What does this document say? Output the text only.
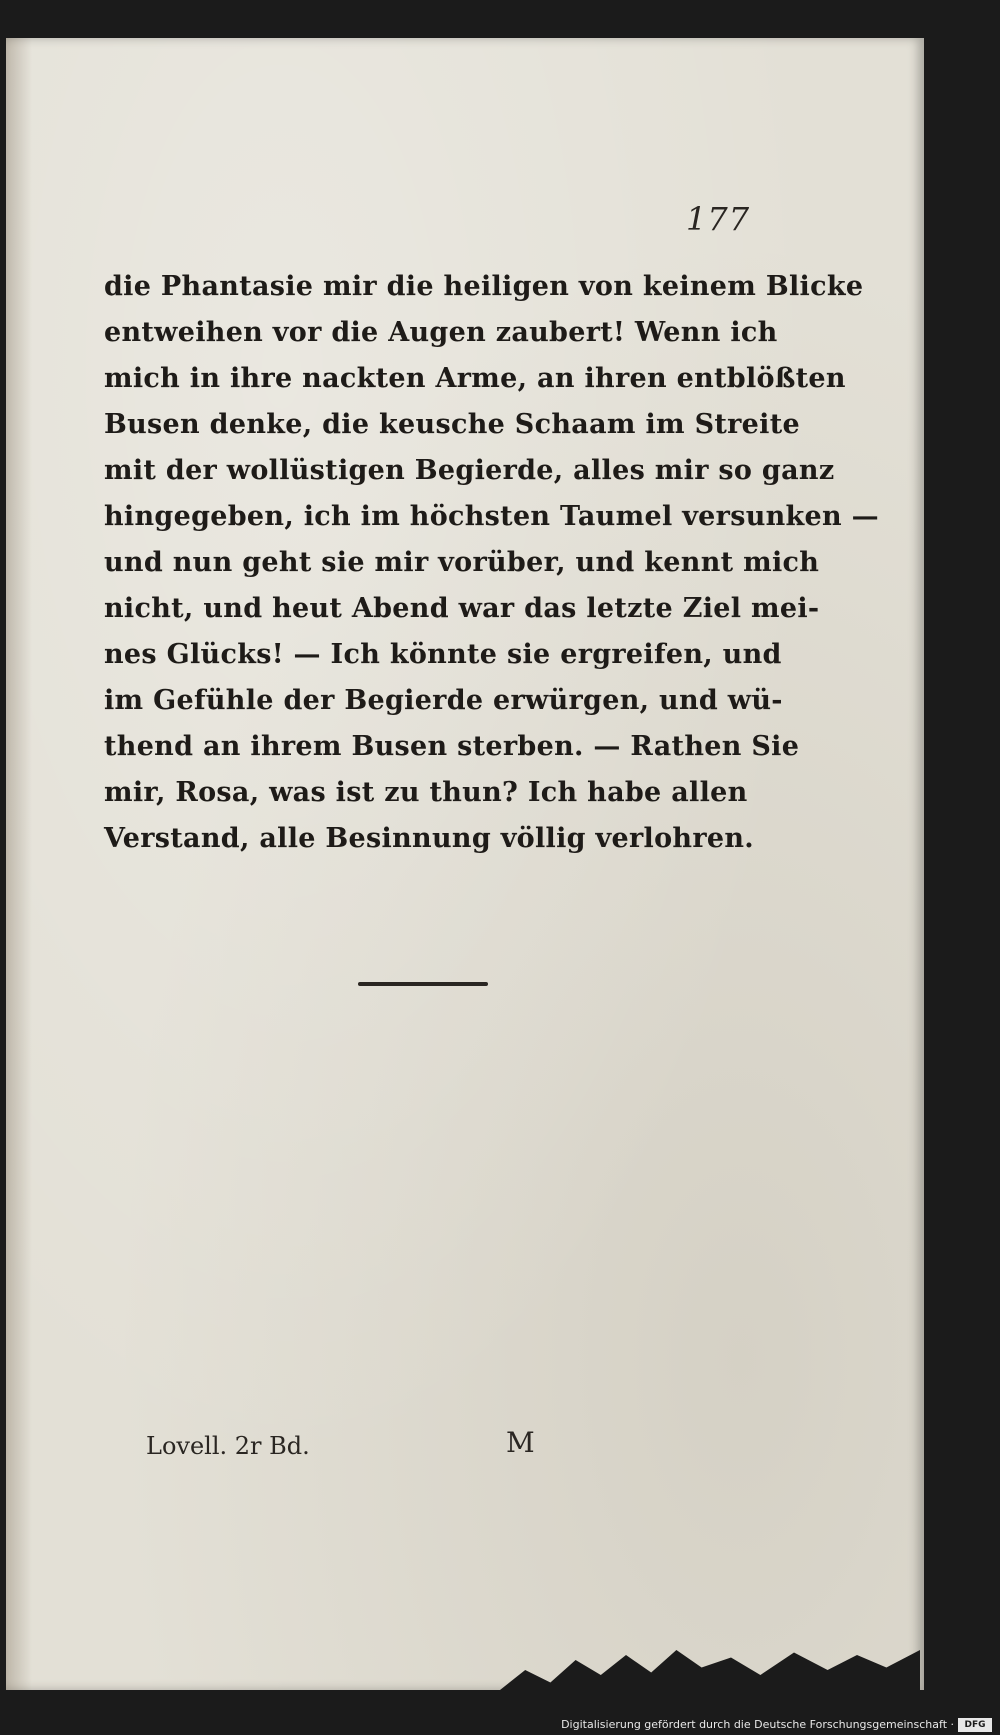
177
die Phantasie mir die heiligen von keinem Blicke
entweihen vor die Augen zaubert! Wenn ich
mich in ihre nackten Arme, an ihren entblößten
Busen denke, die keusche Schaam im Streite
mit der wollüstigen Begierde, alles mir so ganz
hingegeben, ich im höchsten Taumel versunken —
und nun geht sie mir vorüber, und kennt mich
nicht, und heut Abend war das letzte Ziel mei-
nes Glücks! — Ich könnte sie ergreifen, und
im Gefühle der Begierde erwürgen, und wü-
thend an ihrem Busen sterben. — Rathen Sie
mir, Rosa, was ist zu thun? Ich habe allen
Verstand, alle Besinnung völlig verlohren.
Lovell. 2r Bd.	M
Digitalisierung gefördert durch die Deutsche Forschungsgemeinschaft ·	DFG
